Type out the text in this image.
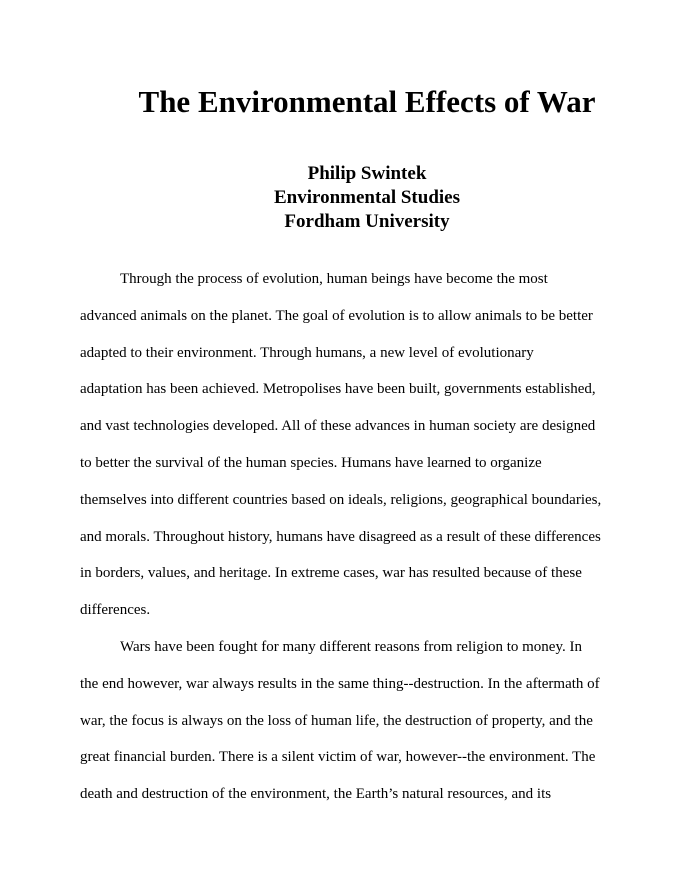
The Environmental Effects of War
Philip Swintek
Environmental Studies
Fordham University
Through the process of evolution, human beings have become the most
advanced animals on the planet. The goal of evolution is to allow animals to be better
adapted to their environment. Through humans, a new level of evolutionary
adaptation has been achieved. Metropolises have been built, governments established,
and vast technologies developed. All of these advances in human society are designed
to better the survival of the human species. Humans have learned to organize
themselves into different countries based on ideals, religions, geographical boundaries,
and morals. Throughout history, humans have disagreed as a result of these differences
in borders, values, and heritage. In extreme cases, war has resulted because of these
differences.
Wars have been fought for many different reasons from religion to money. In
the end however, war always results in the same thing--destruction. In the aftermath of
war, the focus is always on the loss of human life, the destruction of property, and the
great financial burden. There is a silent victim of war, however--the environment. The
death and destruction of the environment, the Earth’s natural resources, and its
